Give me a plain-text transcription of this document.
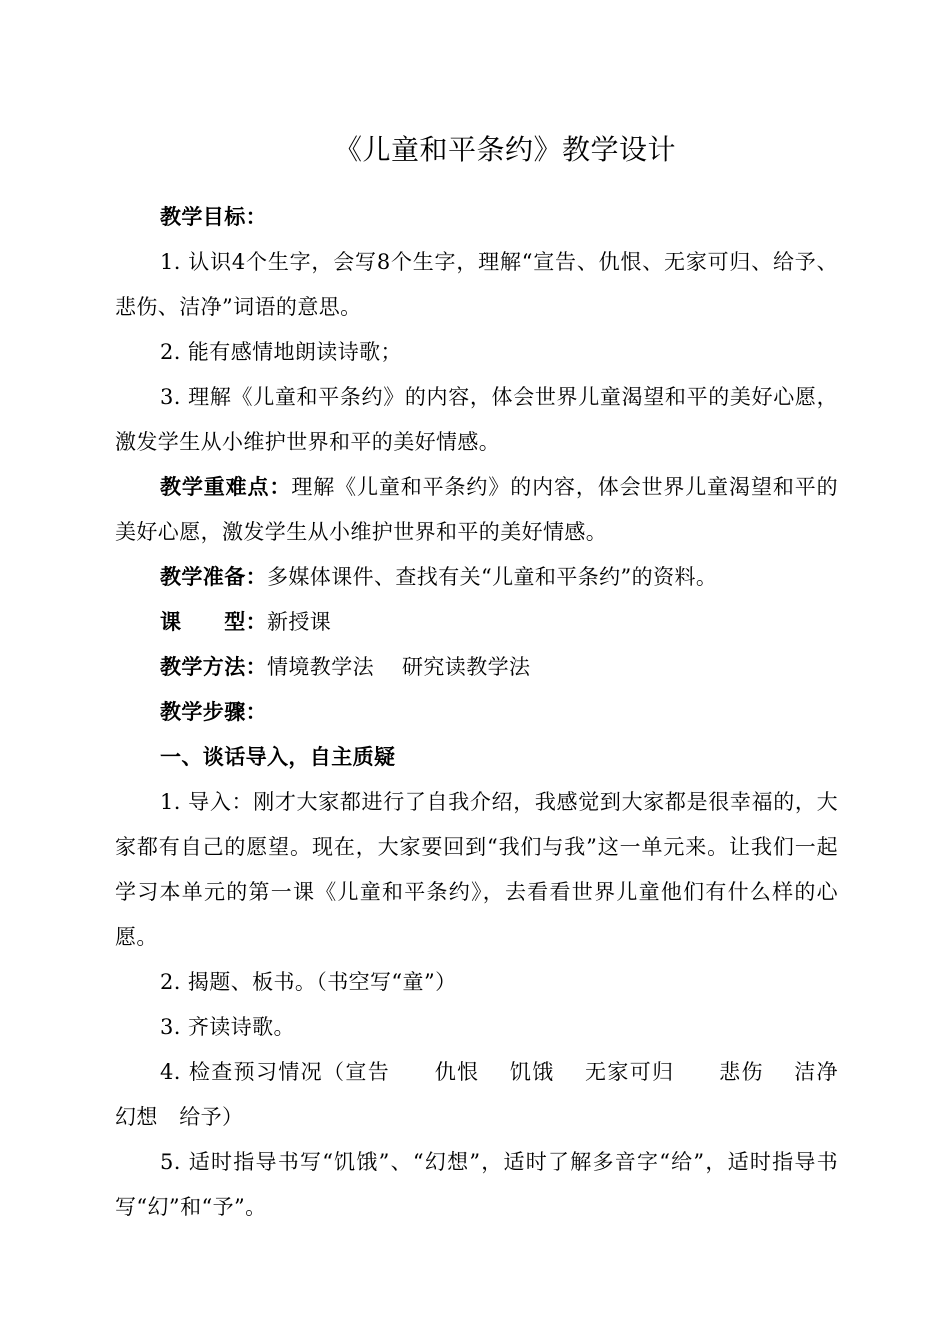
《儿童和平条约》教学设计

教学目标：

1. 认识4个生字，会写8个生字，理解“宣告、仇恨、无家可归、给予、悲伤、洁净”词语的意思。

2. 能有感情地朗读诗歌；

3. 理解《儿童和平条约》的内容，体会世界儿童渴望和平的美好心愿，激发学生从小维护世界和平的美好情感。

教学重难点：理解《儿童和平条约》的内容，体会世界儿童渴望和平的美好心愿，激发学生从小维护世界和平的美好情感。

教学准备：多媒体课件、查找有关“儿童和平条约”的资料。

课　　型：新授课

教学方法：情境教学法 研究读教学法

教学步骤：

一、谈话导入，自主质疑

1. 导入：刚才大家都进行了自我介绍，我感觉到大家都是很幸福的，大家都有自己的愿望。现在，大家要回到“我们与我”这一单元来。让我们一起学习本单元的第一课《儿童和平条约》，去看看世界儿童他们有什么样的心愿。

2. 揭题、板书。（书空写“童”）

3. 齐读诗歌。

4. 检查预习情况（宣告　　仇恨　 饥饿　 无家可归　　悲伤　 洁净　 幻想　给予）

5. 适时指导书写“饥饿”、“幻想”，适时了解多音字“给”，适时指导书写“幻”和“予”。
